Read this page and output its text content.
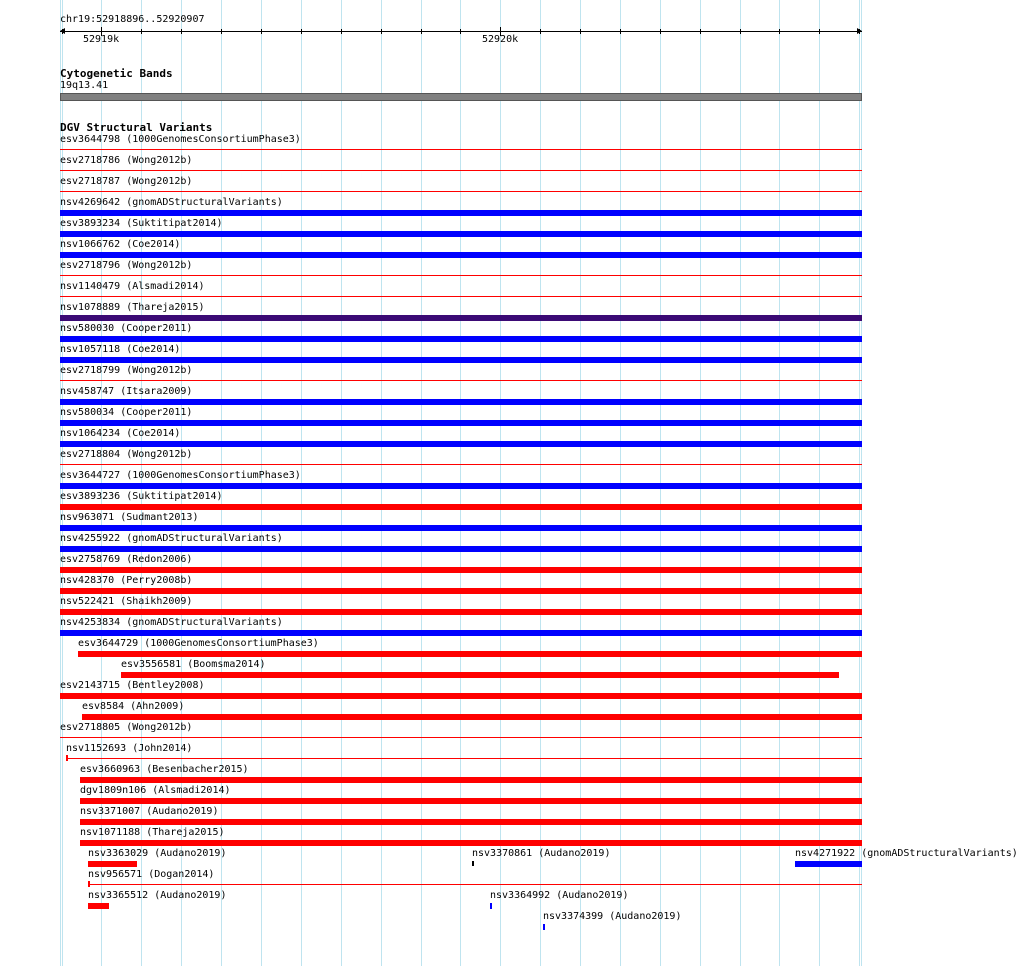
chr19:52918896..52920907
52919k	52920k
Cytogenetic Bands
19q13.41
DGV Structural Variants
esv3644798 (1000GenomesConsortiumPhase3)
esv2718786 (Wong2012b)
esv2718787 (Wong2012b)
nsv4269642 (gnomADStructuralVariants)
esv3893234 (Suktitipat2014)
nsv1066762 (Coe2014)
esv2718796 (Wong2012b)
nsv1140479 (Alsmadi2014)
nsv1078889 (Thareja2015)
nsv580030 (Cooper2011)
nsv1057118 (Coe2014)
esv2718799 (Wong2012b)
nsv458747 (Itsara2009)
nsv580034 (Cooper2011)
nsv1064234 (Coe2014)
esv2718804 (Wong2012b)
esv3644727 (1000GenomesConsortiumPhase3)
esv3893236 (Suktitipat2014)
nsv963071 (Sudmant2013)
nsv4255922 (gnomADStructuralVariants)
esv2758769 (Redon2006)
nsv428370 (Perry2008b)
nsv522421 (Shaikh2009)
nsv4253834 (gnomADStructuralVariants)
esv3644729 (1000GenomesConsortiumPhase3)
esv3556581 (Boomsma2014)
esv2143715 (Bentley2008)
esv8584 (Ahn2009)
esv2718805 (Wong2012b)
nsv1152693 (John2014)
esv3660963 (Besenbacher2015)
dgv1809n106 (Alsmadi2014)
nsv3371007 (Audano2019)
nsv1071188 (Thareja2015)
nsv3363029 (Audano2019)	nsv3370861 (Audano2019)	nsv4271922 (gnomADStructuralVariants)
nsv956571 (Dogan2014)
nsv3365512 (Audano2019)	nsv3364992 (Audano2019)
nsv3374399 (Audano2019)
